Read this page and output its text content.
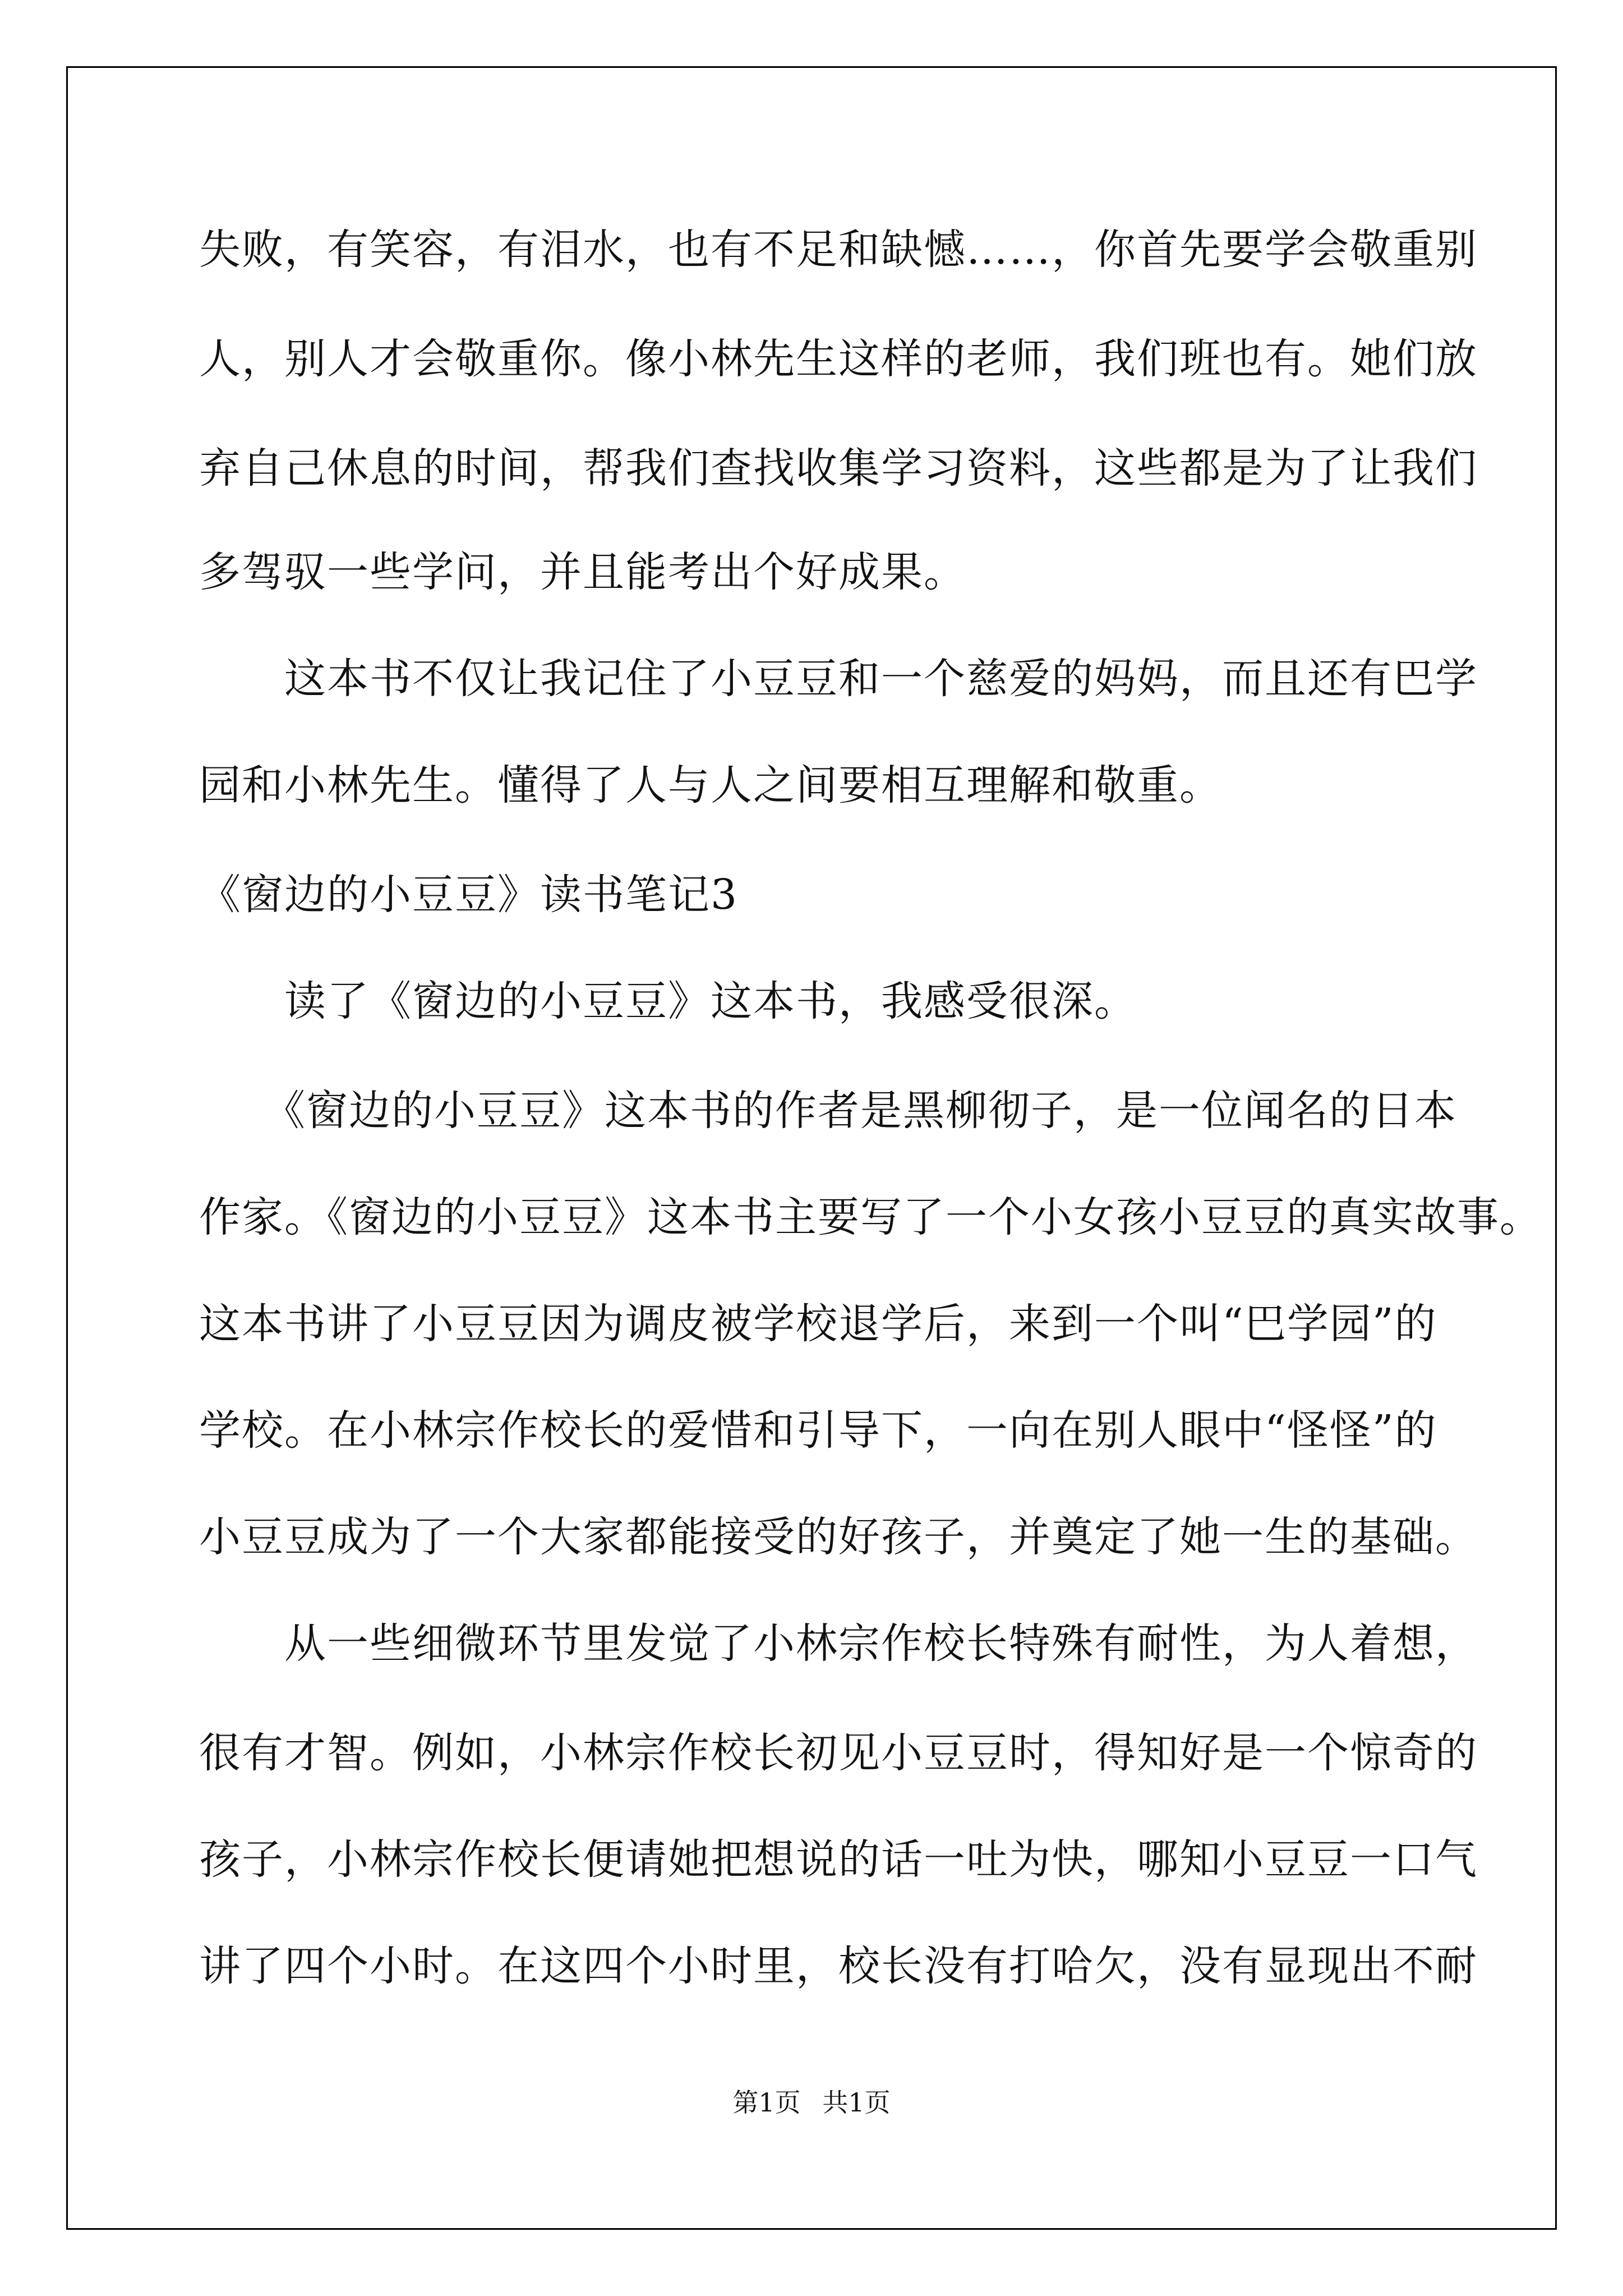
失败，有笑容，有泪水，也有不足和缺憾……，你首先要学会敬重别
人，别人才会敬重你。像小林先生这样的老师，我们班也有。她们放
弃自己休息的时间，帮我们查找收集学习资料，这些都是为了让我们
多驾驭一些学问，并且能考出个好成果。
　　这本书不仅让我记住了小豆豆和一个慈爱的妈妈，而且还有巴学
园和小林先生。懂得了人与人之间要相互理解和敬重。
《窗边的小豆豆》读书笔记3
　　读了《窗边的小豆豆》这本书，我感受很深。
　　《窗边的小豆豆》这本书的作者是黑柳彻子，是一位闻名的日本
作家。《窗边的小豆豆》这本书主要写了一个小女孩小豆豆的真实故事。
这本书讲了小豆豆因为调皮被学校退学后，来到一个叫“巴学园”的
学校。在小林宗作校长的爱惜和引导下，一向在别人眼中“怪怪”的
小豆豆成为了一个大家都能接受的好孩子，并奠定了她一生的基础。
　　从一些细微环节里发觉了小林宗作校长特殊有耐性，为人着想，
很有才智。例如，小林宗作校长初见小豆豆时，得知好是一个惊奇的
孩子，小林宗作校长便请她把想说的话一吐为快，哪知小豆豆一口气
讲了四个小时。在这四个小时里，校长没有打哈欠，没有显现出不耐
第1页 共1页
